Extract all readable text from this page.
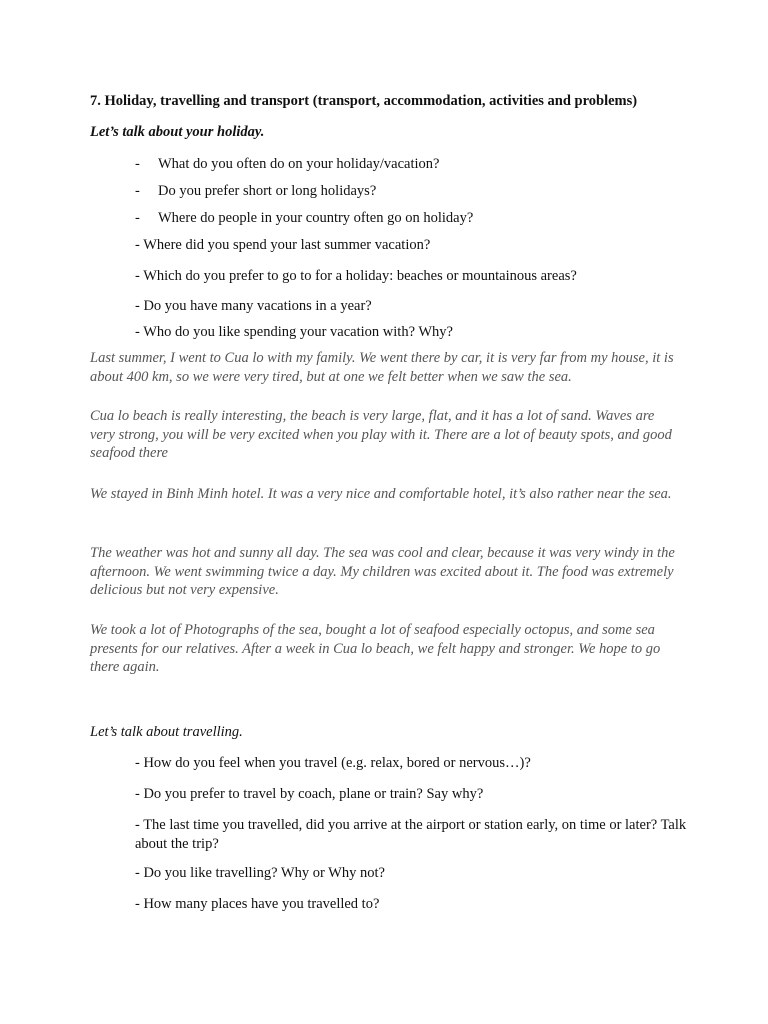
7. Holiday, travelling and transport (transport, accommodation, activities and problems)
Let’s talk about your holiday.
- What do you often do on your holiday/vacation?
- Do you prefer short or long holidays?
- Where do people in your country often go on holiday?
- Where did you spend your last summer vacation?
- Which do you prefer to go to for a holiday: beaches or mountainous areas?
- Do you have many vacations in a year?
- Who do you like spending your vacation with? Why?
Last summer, I went to Cua lo with my family. We went there by car, it is very far from my house, it is about 400 km, so we were very tired, but at one we felt better when we saw the sea.
Cua lo beach is really interesting, the beach is very large, flat, and it has a lot of sand. Waves are very strong, you will be very excited when you play with it. There are a lot of beauty spots, and good seafood there
We stayed in Binh Minh hotel. It was a very nice and comfortable hotel, it’s also rather near the sea.
The weather was hot and sunny all day. The sea was cool and clear, because it was very windy in the afternoon. We went swimming twice a day. My children was excited about it. The food was extremely delicious but not very expensive.
We took a lot of Photographs of the sea, bought a lot of seafood especially octopus, and some sea presents for our relatives. After a week in Cua lo beach, we felt happy and stronger. We hope to go there again.
Let’s talk about travelling.
- How do you feel when you travel (e.g. relax, bored or nervous…)?
- Do you prefer to travel by coach, plane or train? Say why?
- The last time you travelled, did you arrive at the airport or station early, on time or later? Talk about the trip?
- Do you like travelling? Why or Why not?
- How many places have you travelled to?
